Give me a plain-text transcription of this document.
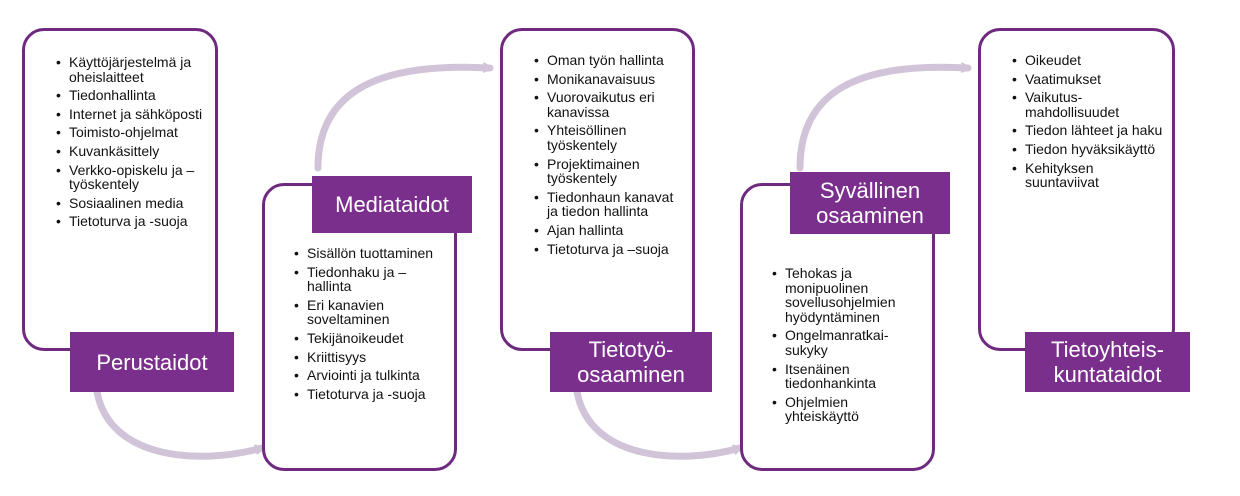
• Käyttöjärjestelmä ja oheislaitteet
• Tiedonhallinta
• Internet ja sähköposti
• Toimisto-ohjelmat
• Kuvankäsittely
• Verkko-opiskelu ja –työskentely
• Sosiaalinen media
• Tietoturva ja -suoja
Perustaidot
• Sisällön tuottaminen
• Tiedonhaku ja –hallinta
• Eri kanavien soveltaminen
• Tekijänoikeudet
• Kriittisyys
• Arviointi ja tulkinta
• Tietoturva ja -suoja
Mediataidot
• Oman työn hallinta
• Monikanavaisuus
• Vuorovaikutus eri kanavissa
• Yhteisöllinen työskentely
• Projektimainen työskentely
• Tiedonhaun kanavat ja tiedon hallinta
• Ajan hallinta
• Tietoturva ja –suoja
Tietotyö-osaaminen
• Tehokas ja monipuolinen sovellusohjelmien hyödyntäminen
• Ongelmanratkai-sukyky
• Itsenäinen tiedonhankinta
• Ohjelmien yhteiskäyttö
Syvällinen osaaminen
• Oikeudet
• Vaatimukset
• Vaikutus-mahdollisuudet
• Tiedon lähteet ja haku
• Tiedon hyväksikäyttö
• Kehityksen suuntaviivat
Tietoyhteis-kuntataidot
